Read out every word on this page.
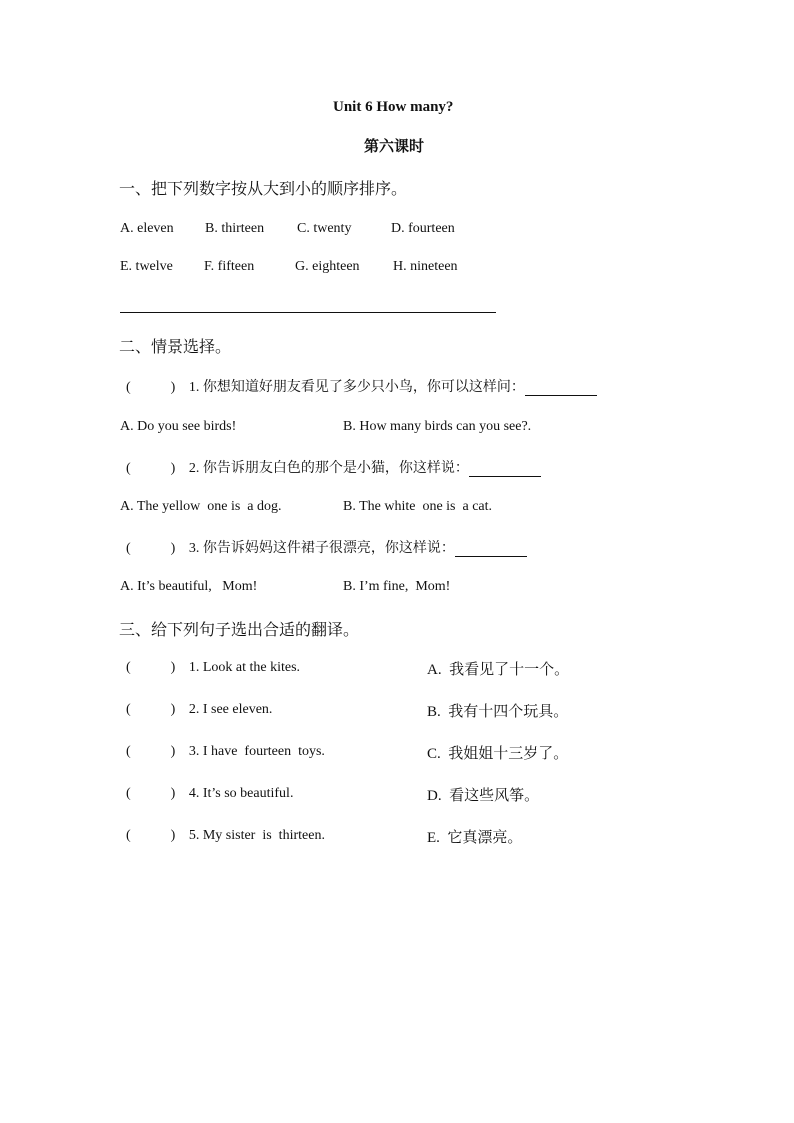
Unit 6 How many?
第六课时
一、把下列数字按从大到小的顺序排序。
A. eleven B. thirteen C. twenty	D. fourteen
E. twelve F. fifteen	G. eighteen H. nineteen
二、情景选择。
(	) 1. 你想知道好朋友看见了多少只小鸟，你可以这样问：
A. Do you see birds!	B. How many birds can you see?.
(	) 2. 你告诉朋友白色的那个是小猫，你这样说：
A. The yellow  one is  a dog.	B. The white  one is  a cat.
(	) 3. 你告诉妈妈这件裙子很漂亮，你这样说：
A. It’s beautiful,   Mom!	B. I’m fine,  Mom!
三、给下列句子选出合适的翻译。
(	) 1. Look at the kites.	A.  我看见了十一个。
(	) 2. I see eleven.	B.  我有十四个玩具。
(	) 3. I have  fourteen  toys.	C.  我姐姐十三岁了。
(	) 4. It’s so beautiful.	D.  看这些风筝。
(	) 5. My sister  is  thirteen.	E.  它真漂亮。
